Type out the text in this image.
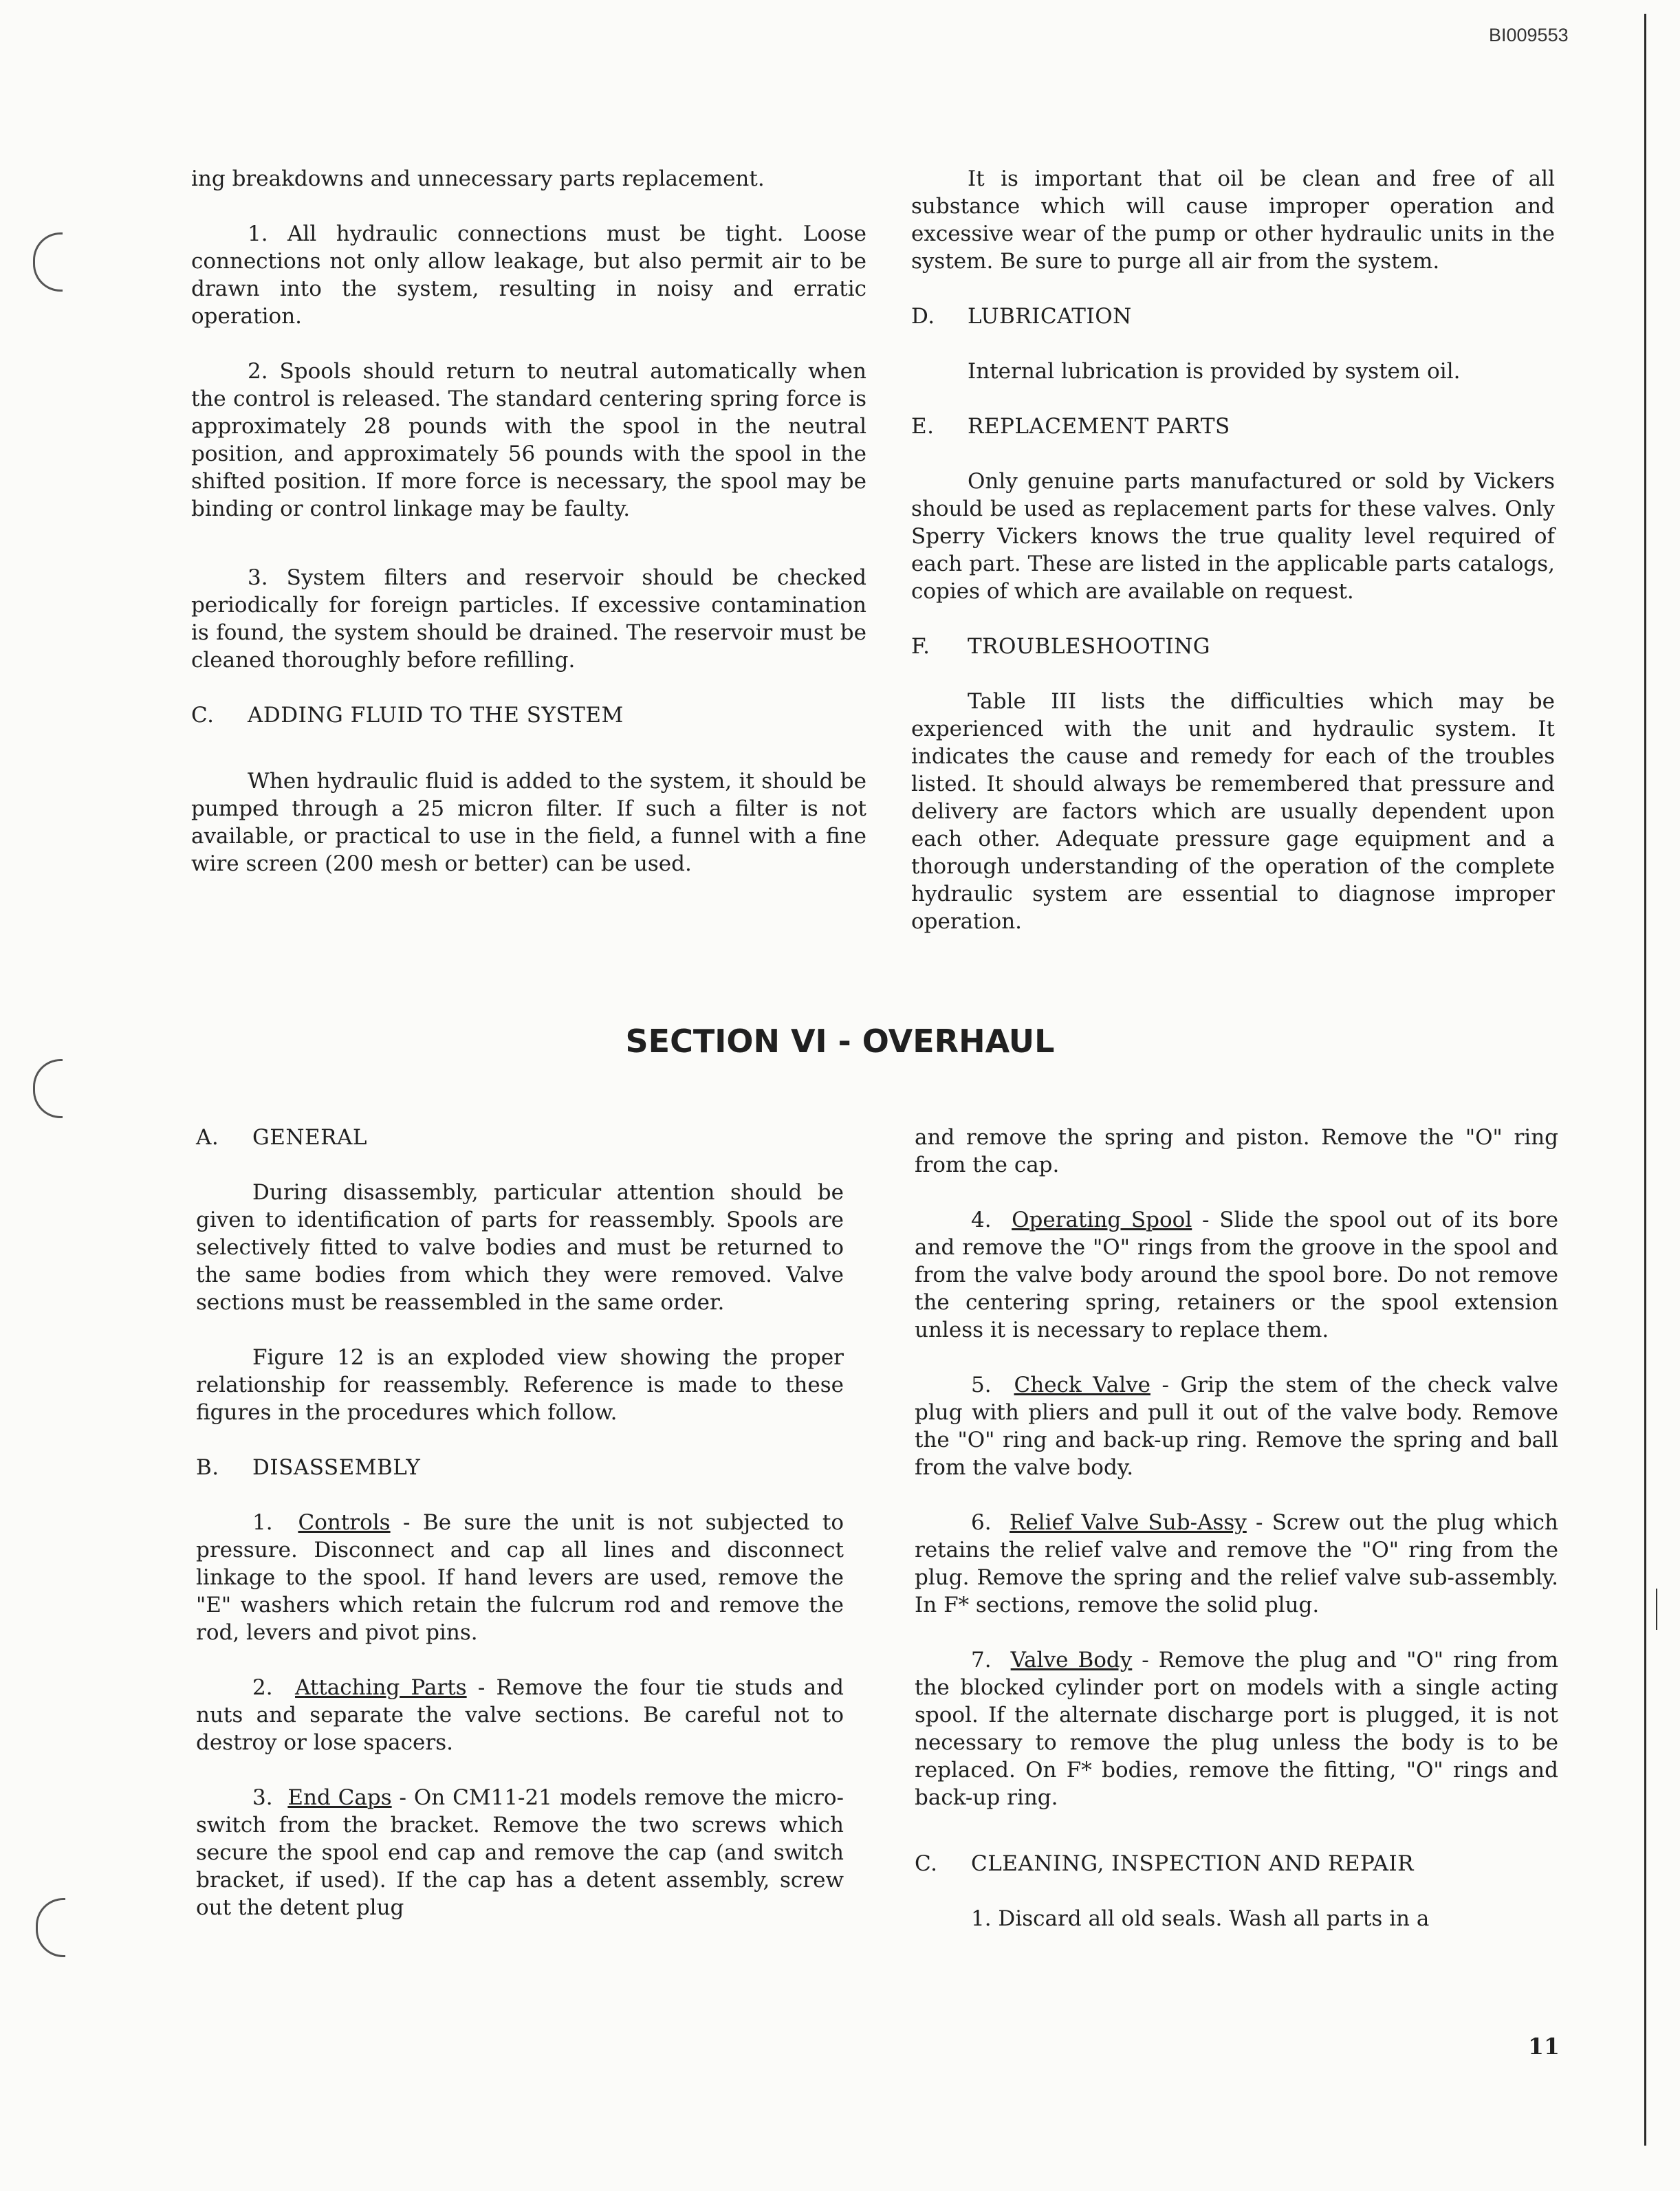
BI009553

ing breakdowns and unnecessary parts replacement.

1. All hydraulic connections must be tight. Loose connections not only allow leakage, but also permit air to be drawn into the system, resulting in noisy and erratic operation.

2. Spools should return to neutral automatically when the control is released. The standard centering spring force is approximately 28 pounds with the spool in the neutral position, and approximately 56 pounds with the spool in the shifted position. If more force is necessary, the spool may be binding or control linkage may be faulty.

3. System filters and reservoir should be checked periodically for foreign particles. If excessive contamination is found, the system should be drained. The reservoir must be cleaned thoroughly before refilling.

C. ADDING FLUID TO THE SYSTEM

When hydraulic fluid is added to the system, it should be pumped through a 25 micron filter. If such a filter is not available, or practical to use in the field, a funnel with a fine wire screen (200 mesh or better) can be used.

It is important that oil be clean and free of all substance which will cause improper operation and excessive wear of the pump or other hydraulic units in the system. Be sure to purge all air from the system.

D. LUBRICATION

Internal lubrication is provided by system oil.

E. REPLACEMENT PARTS

Only genuine parts manufactured or sold by Vickers should be used as replacement parts for these valves. Only Sperry Vickers knows the true quality level required of each part. These are listed in the applicable parts catalogs, copies of which are available on request.

F. TROUBLESHOOTING

Table III lists the difficulties which may be experienced with the unit and hydraulic system. It indicates the cause and remedy for each of the troubles listed. It should always be remembered that pressure and delivery are factors which are usually dependent upon each other. Adequate pressure gage equipment and a thorough understanding of the operation of the complete hydraulic system are essential to diagnose improper operation.

SECTION VI - OVERHAUL
A. GENERAL

During disassembly, particular attention should be given to identification of parts for reassembly. Spools are selectively fitted to valve bodies and must be returned to the same bodies from which they were removed. Valve sections must be reassembled in the same order.

Figure 12 is an exploded view showing the proper relationship for reassembly. Reference is made to these figures in the procedures which follow.

B. DISASSEMBLY

1. Controls - Be sure the unit is not subjected to pressure. Disconnect and cap all lines and disconnect linkage to the spool. If hand levers are used, remove the "E" washers which retain the fulcrum rod and remove the rod, levers and pivot pins.

2. Attaching Parts - Remove the four tie studs and nuts and separate the valve sections. Be careful not to destroy or lose spacers.

3. End Caps - On CM11-21 models remove the micro-switch from the bracket. Remove the two screws which secure the spool end cap and remove the cap (and switch bracket, if used). If the cap has a detent assembly, screw out the detent plug

and remove the spring and piston. Remove the "O" ring from the cap.

4. Operating Spool - Slide the spool out of its bore and remove the "O" rings from the groove in the spool and from the valve body around the spool bore. Do not remove the centering spring, retainers or the spool extension unless it is necessary to replace them.

5. Check Valve - Grip the stem of the check valve plug with pliers and pull it out of the valve body. Remove the "O" ring and back-up ring. Remove the spring and ball from the valve body.

6. Relief Valve Sub-Assy - Screw out the plug which retains the relief valve and remove the "O" ring from the plug. Remove the spring and the relief valve sub-assembly. In F* sections, remove the solid plug.

7. Valve Body - Remove the plug and "O" ring from the blocked cylinder port on models with a single acting spool. If the alternate discharge port is plugged, it is not necessary to remove the plug unless the body is to be replaced. On F* bodies, remove the fitting, "O" rings and back-up ring.

C. CLEANING, INSPECTION AND REPAIR

1. Discard all old seals. Wash all parts in a

11
